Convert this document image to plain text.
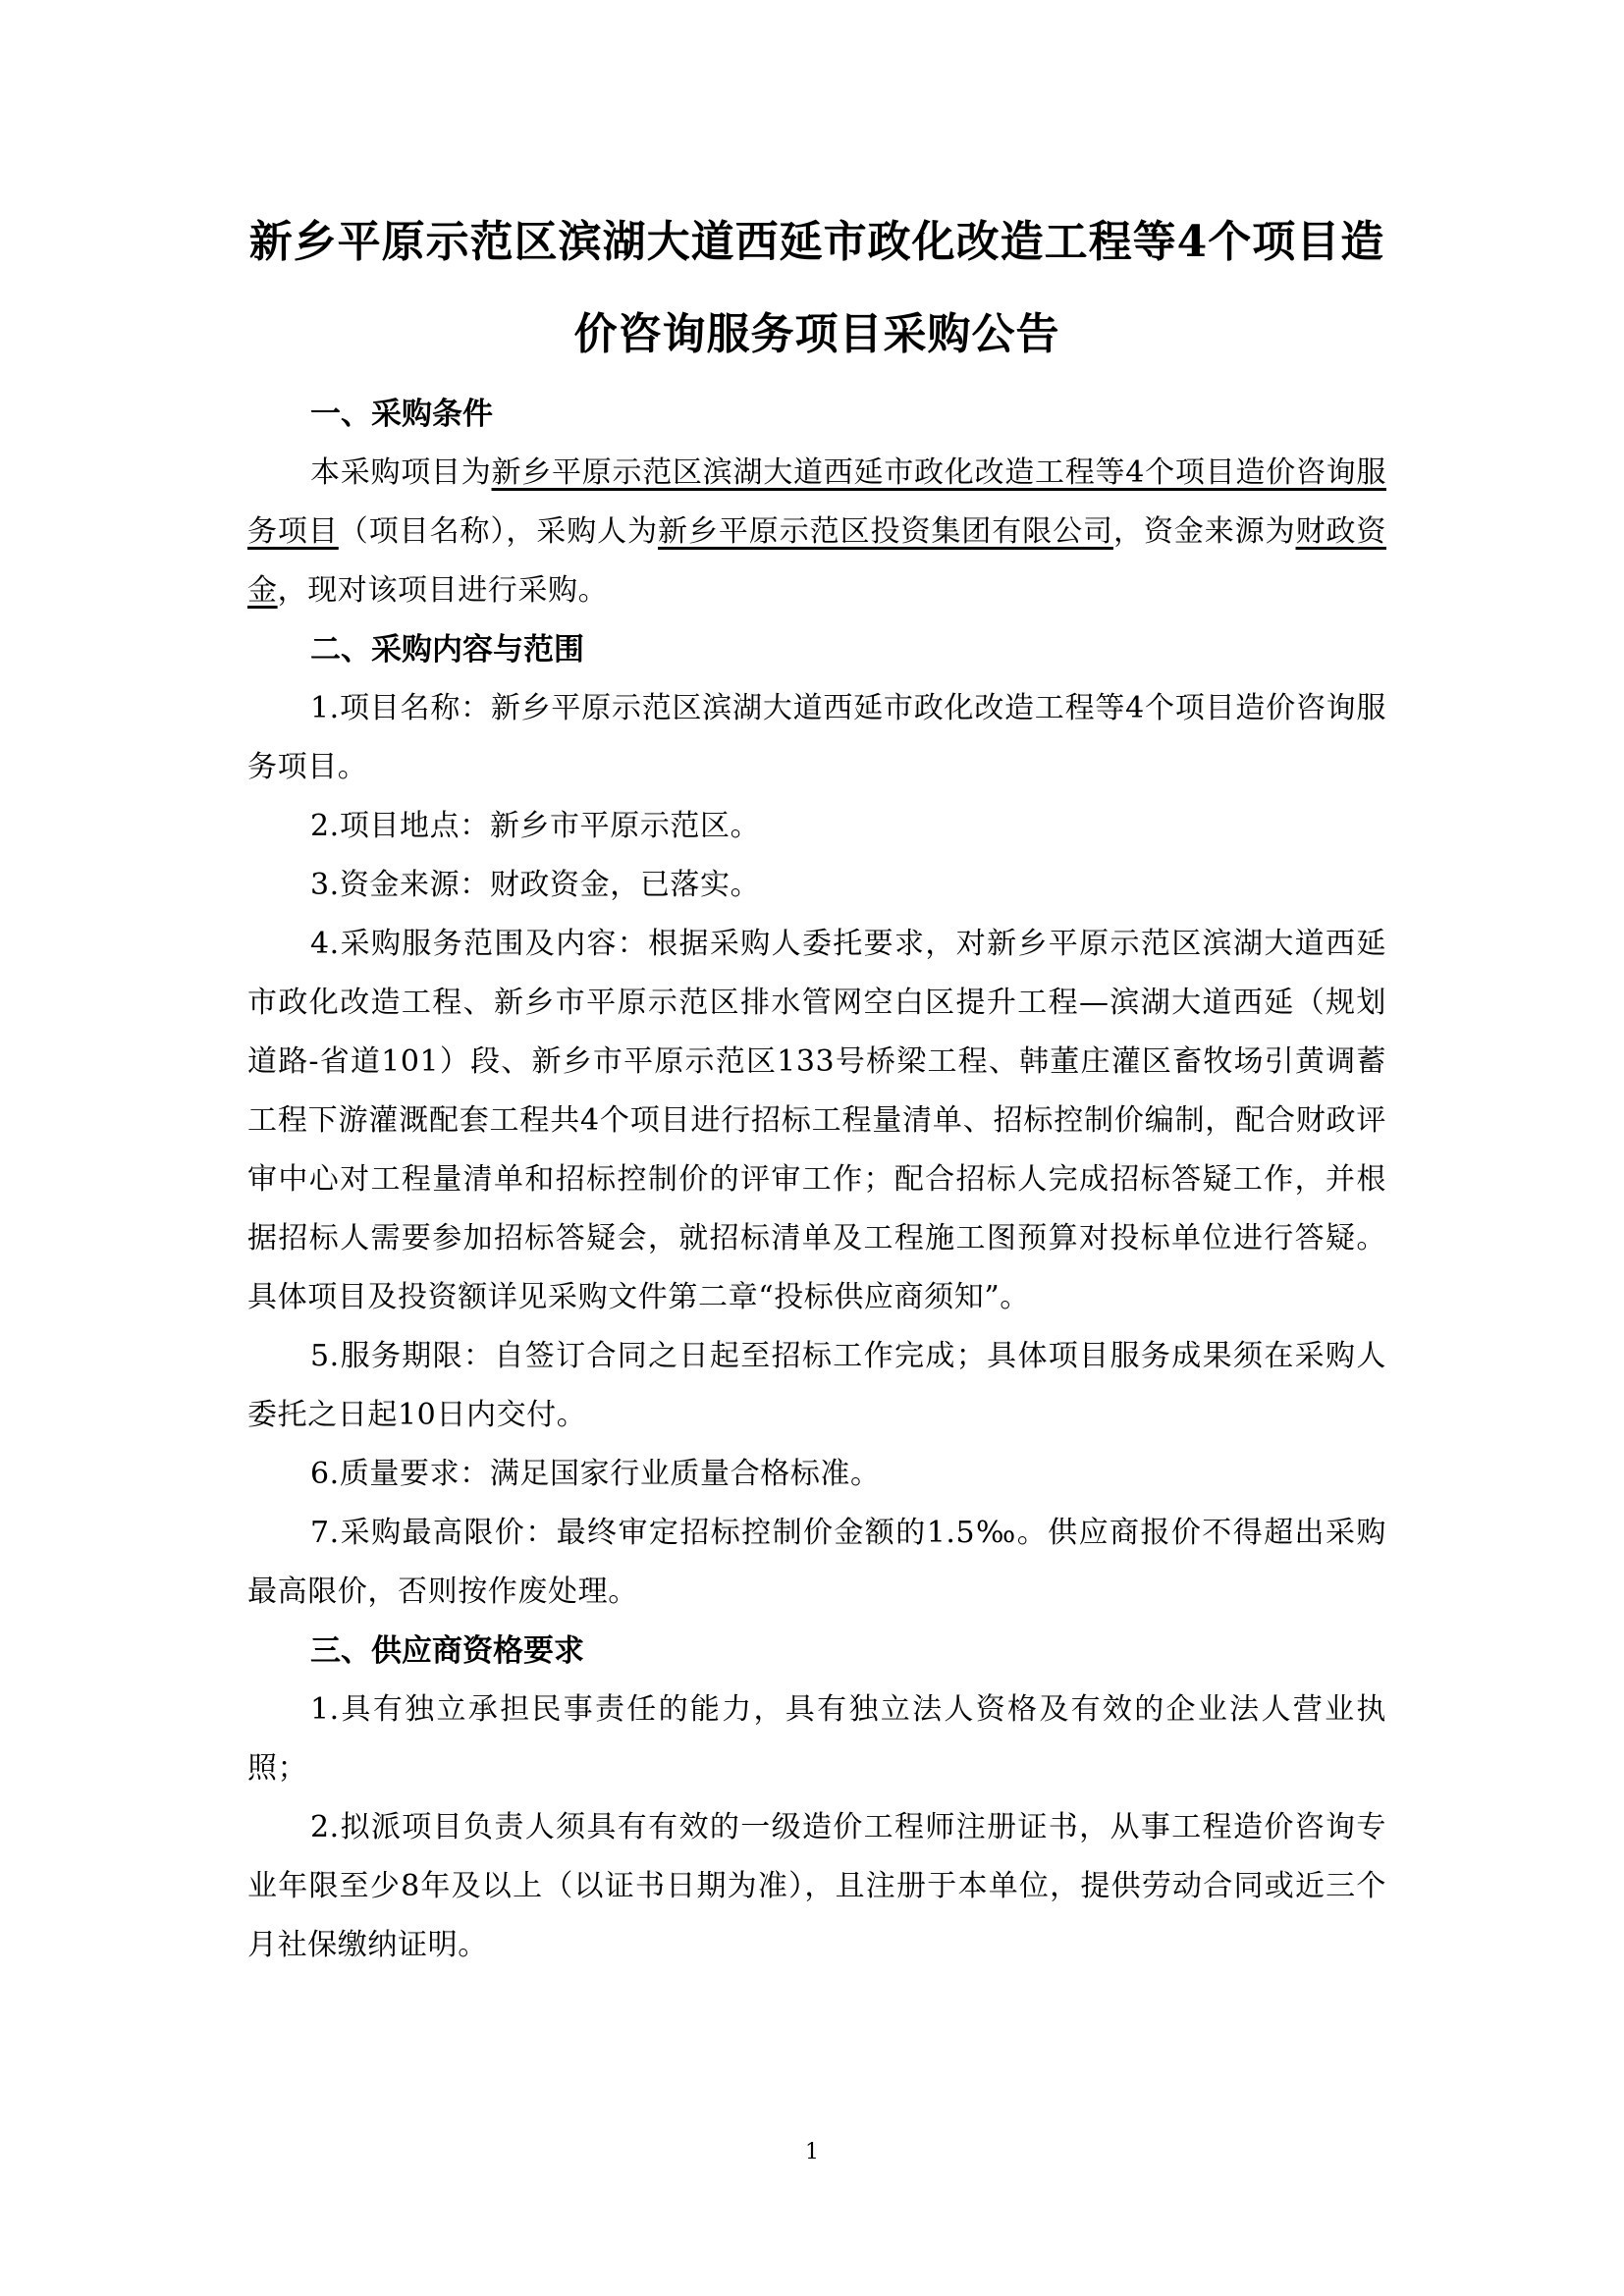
新乡平原示范区滨湖大道西延市政化改造工程等4个项目造
价咨询服务项目采购公告

一、采购条件

本采购项目为新乡平原示范区滨湖大道西延市政化改造工程等4个项目造价咨询服务项目（项目名称），采购人为新乡平原示范区投资集团有限公司，资金来源为财政资金，现对该项目进行采购。

二、采购内容与范围

1.项目名称：新乡平原示范区滨湖大道西延市政化改造工程等4个项目造价咨询服务项目。

2.项目地点：新乡市平原示范区。

3.资金来源：财政资金，已落实。

4.采购服务范围及内容：根据采购人委托要求，对新乡平原示范区滨湖大道西延市政化改造工程、新乡市平原示范区排水管网空白区提升工程—滨湖大道西延（规划道路-省道101）段、新乡市平原示范区133号桥梁工程、韩董庄灌区畜牧场引黄调蓄工程下游灌溉配套工程共4个项目进行招标工程量清单、招标控制价编制，配合财政评审中心对工程量清单和招标控制价的评审工作；配合招标人完成招标答疑工作，并根据招标人需要参加招标答疑会，就招标清单及工程施工图预算对投标单位进行答疑。具体项目及投资额详见采购文件第二章“投标供应商须知”。

5.服务期限：自签订合同之日起至招标工作完成；具体项目服务成果须在采购人委托之日起10日内交付。

6.质量要求：满足国家行业质量合格标准。

7.采购最高限价：最终审定招标控制价金额的1.5‰。供应商报价不得超出采购最高限价，否则按作废处理。

三、供应商资格要求

1.具有独立承担民事责任的能力，具有独立法人资格及有效的企业法人营业执照；

2.拟派项目负责人须具有有效的一级造价工程师注册证书，从事工程造价咨询专业年限至少8年及以上（以证书日期为准），且注册于本单位，提供劳动合同或近三个月社保缴纳证明。

1
